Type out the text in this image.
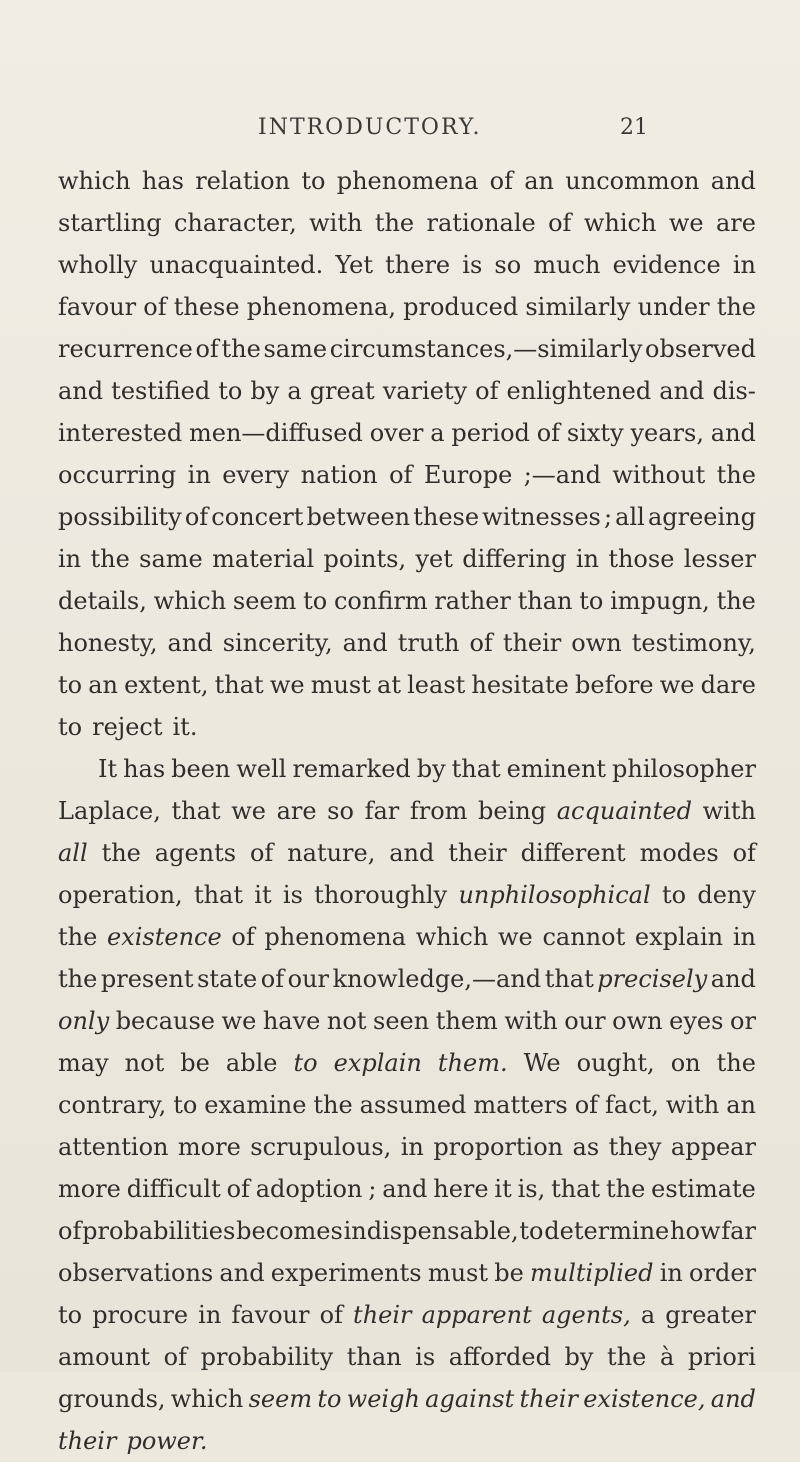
INTRODUCTORY.	21
which has relation to phenomena of an uncommon and
startling character, with the rationale of which we are
wholly unacquainted. Yet there is so much evidence in
favour of these phenomena, produced similarly under the
recurrence of the same circumstances,—similarly observed
and testified to by a great variety of enlightened and dis-
interested men—diffused over a period of sixty years, and
occurring in every nation of Europe ;—and without the
possibility of concert between these witnesses ; all agreeing
in the same material points, yet differing in those lesser
details, which seem to confirm rather than to impugn, the
honesty, and sincerity, and truth of their own testimony,
to an extent, that we must at least hesitate before we dare
to reject it.
It has been well remarked by that eminent philosopher
Laplace, that we are so far from being acquainted with
all the agents of nature, and their different modes of
operation, that it is thoroughly unphilosophical to deny
the existence of phenomena which we cannot explain in
the present state of our knowledge,—and that precisely and
only because we have not seen them with our own eyes or
may not be able to explain them. We ought, on the
contrary, to examine the assumed matters of fact, with an
attention more scrupulous, in proportion as they appear
more difficult of adoption ; and here it is, that the estimate
of probabilities becomes indispensable, to determine how far
observations and experiments must be multiplied in order
to procure in favour of their apparent agents, a greater
amount of probability than is afforded by the à priori
grounds, which seem to weigh against their existence, and
their power.
